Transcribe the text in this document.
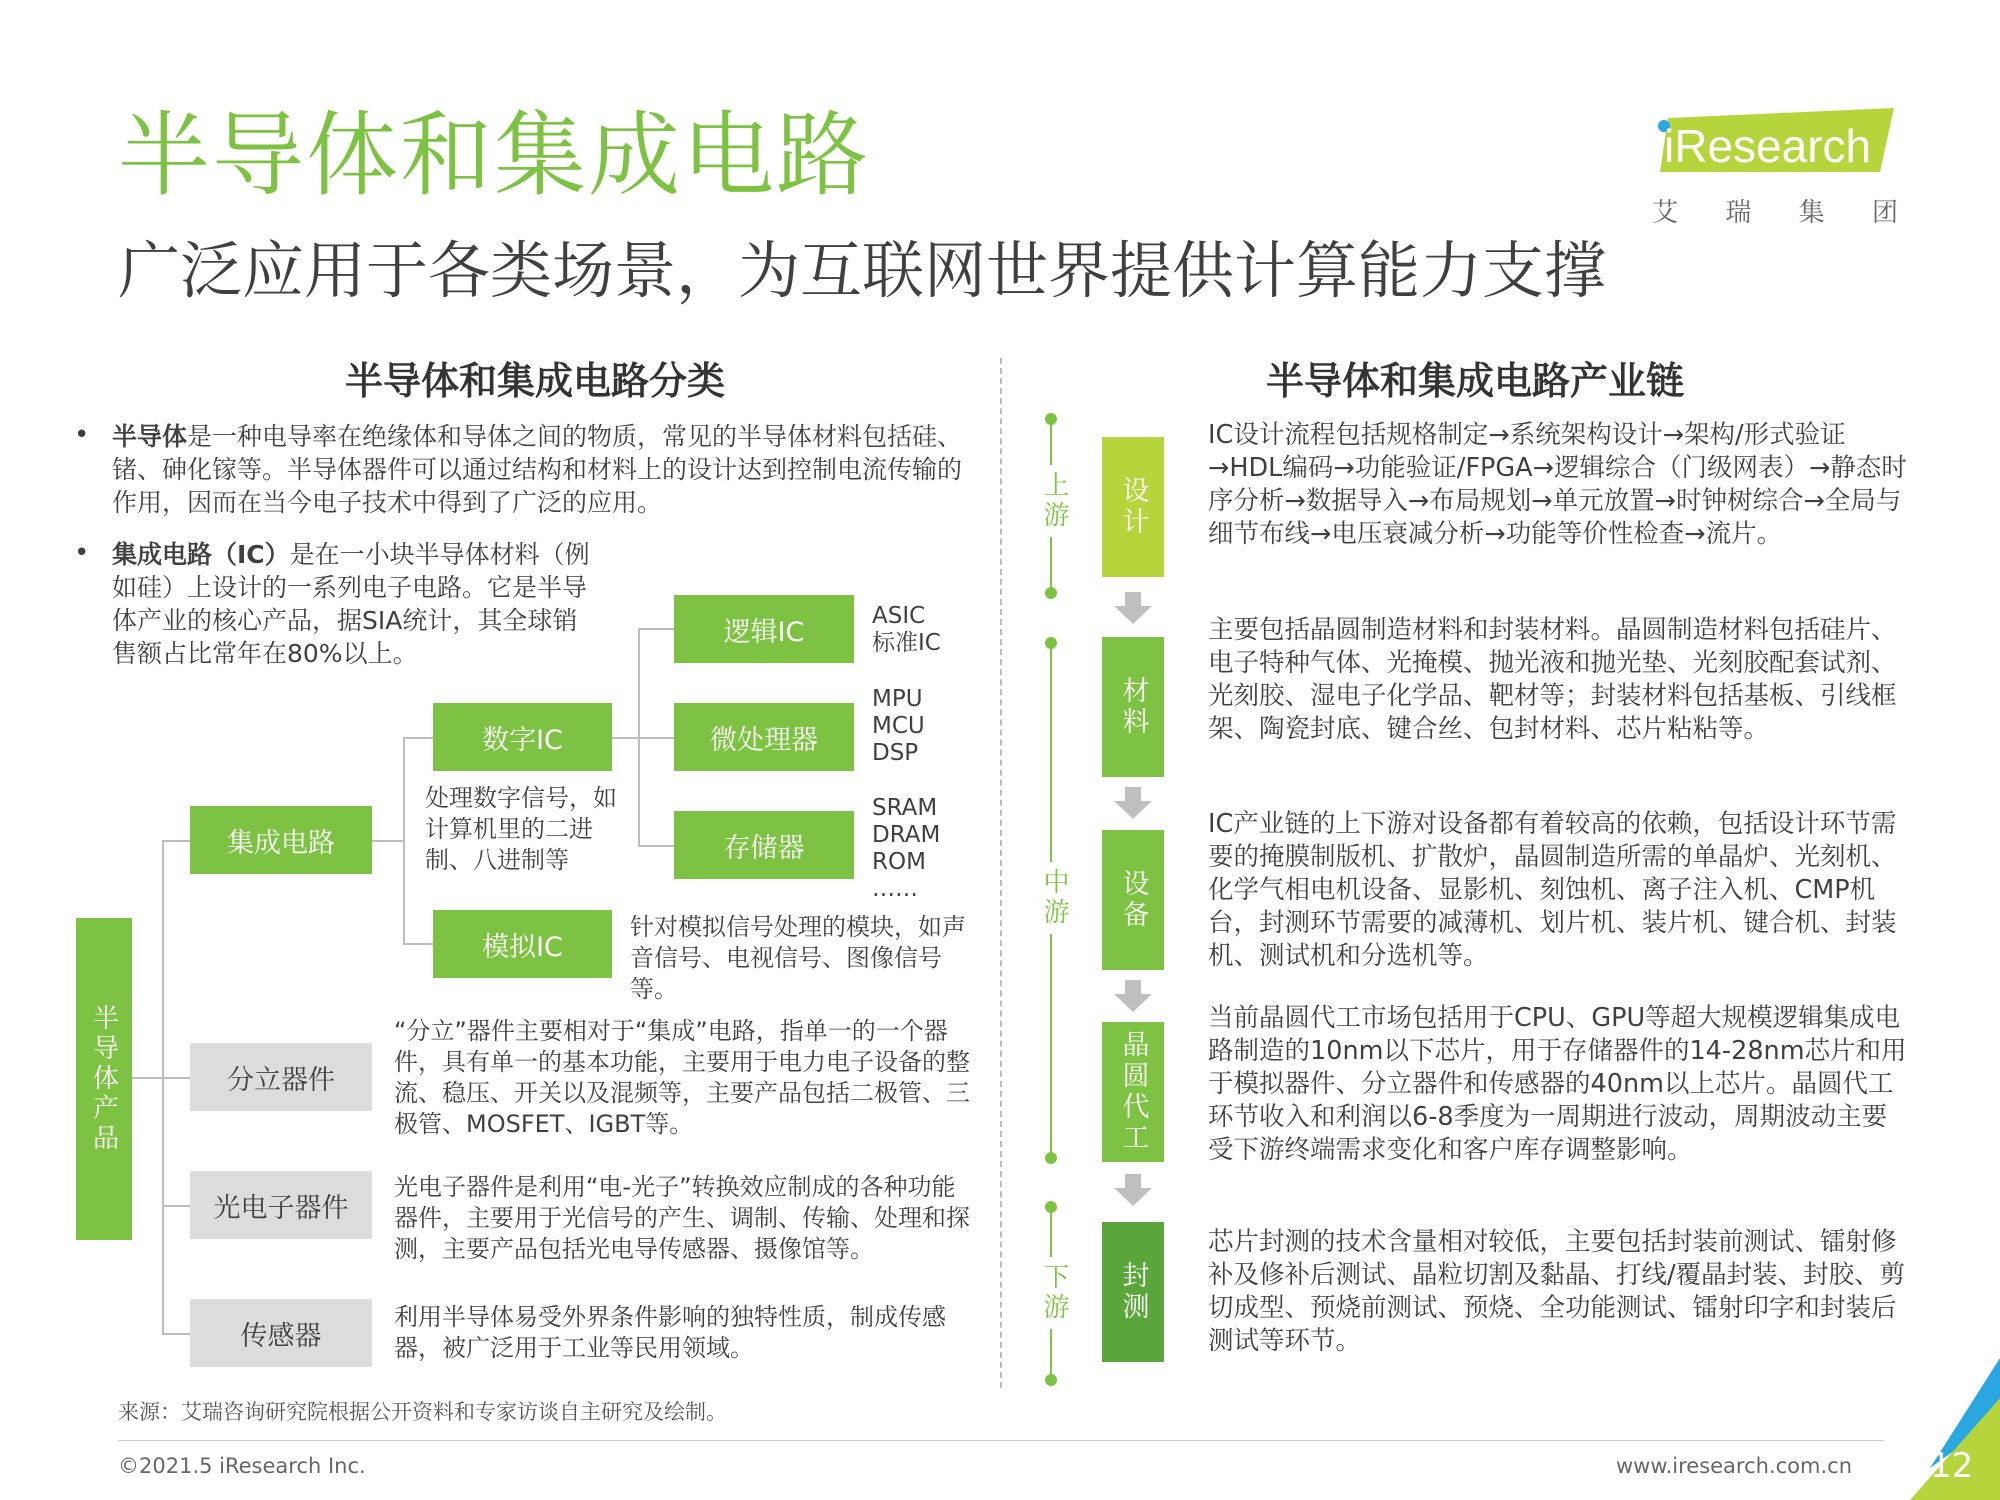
半导体和集成电路
广泛应用于各类场景，为互联网世界提供计算能力支撑
iResearch
艾 瑞 集 团
半导体和集成电路分类	半导体和集成电路产业链
• 半导体是一种电导率在绝缘体和导体之间的物质，常见的半导体材料包括硅、锗、砷化镓等。半导体器件可以通过结构和材料上的设计达到控制电流传输的作用，因而在当今电子技术中得到了广泛的应用。
• 集成电路（IC）是在一小块半导体材料（例如硅）上设计的一系列电子电路。它是半导体产业的核心产品，据SIA统计，其全球销售额占比常年在80%以上。
半导体产品
集成电路
分立器件
光电子器件
传感器
数字IC
模拟IC
逻辑IC
微处理器
存储器
ASIC
标准IC
MPU
MCU
DSP
SRAM
DRAM
ROM
……
处理数字信号，如计算机里的二进制、八进制等
针对模拟信号处理的模块，如声音信号、电视信号、图像信号等。
“分立”器件主要相对于“集成”电路，指单一的一个器件，具有单一的基本功能，主要用于电力电子设备的整流、稳压、开关以及混频等，主要产品包括二极管、三极管、MOSFET、IGBT等。
光电子器件是利用“电-光子”转换效应制成的各种功能器件，主要用于光信号的产生、调制、传输、处理和探测，主要产品包括光电导传感器、摄像馆等。
利用半导体易受外界条件影响的独特性质，制成传感器，被广泛用于工业等民用领域。
来源：艾瑞咨询研究院根据公开资料和专家访谈自主研究及绘制。
上游
中游
下游
设计
材料
设备
晶圆代工
封测
IC设计流程包括规格制定→系统架构设计→架构/形式验证→HDL编码→功能验证/FPGA→逻辑综合（门级网表）→静态时序分析→数据导入→布局规划→单元放置→时钟树综合→全局与细节布线→电压衰减分析→功能等价性检查→流片。
主要包括晶圆制造材料和封装材料。晶圆制造材料包括硅片、电子特种气体、光掩模、抛光液和抛光垫、光刻胶配套试剂、光刻胶、湿电子化学品、靶材等；封装材料包括基板、引线框架、陶瓷封底、键合丝、包封材料、芯片粘粘等。
IC产业链的上下游对设备都有着较高的依赖，包括设计环节需要的掩膜制版机、扩散炉，晶圆制造所需的单晶炉、光刻机、化学气相电机设备、显影机、刻蚀机、离子注入机、CMP机台，封测环节需要的减薄机、划片机、装片机、键合机、封装机、测试机和分选机等。
当前晶圆代工市场包括用于CPU、GPU等超大规模逻辑集成电路制造的10nm以下芯片，用于存储器件的14-28nm芯片和用于模拟器件、分立器件和传感器的40nm以上芯片。晶圆代工环节收入和利润以6-8季度为一周期进行波动，周期波动主要受下游终端需求变化和客户库存调整影响。
芯片封测的技术含量相对较低，主要包括封装前测试、镭射修补及修补后测试、晶粒切割及黏晶、打线/覆晶封装、封胶、剪切成型、预烧前测试、预烧、全功能测试、镭射印字和封装后测试等环节。
©2021.5 iResearch Inc.	www.iresearch.com.cn 12
